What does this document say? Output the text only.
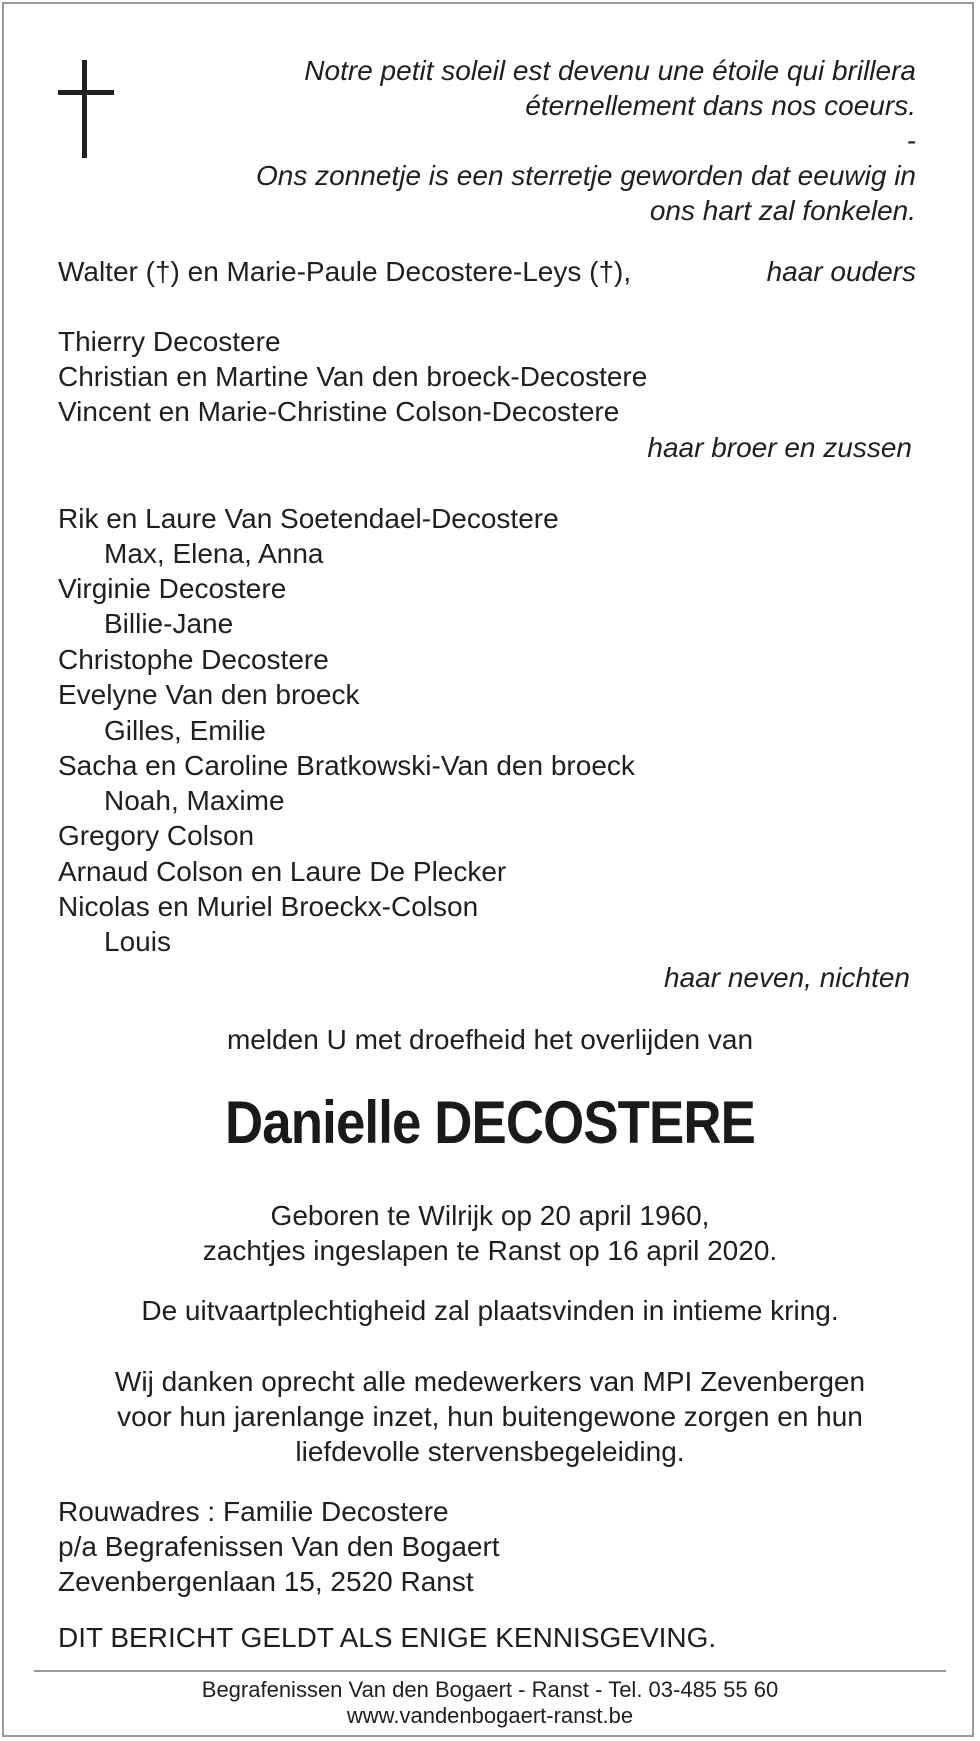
Notre petit soleil est devenu une étoile qui brillera
éternellement dans nos coeurs.
-
Ons zonnetje is een sterretje geworden dat eeuwig in
ons hart zal fonkelen.
Walter (†) en Marie-Paule Decostere-Leys (†),	haar ouders
Thierry Decostere
Christian en Martine Van den broeck-Decostere
Vincent en Marie-Christine Colson-Decostere
haar broer en zussen
Rik en Laure Van Soetendael-Decostere
Max, Elena, Anna
Virginie Decostere
Billie-Jane
Christophe Decostere
Evelyne Van den broeck
Gilles, Emilie
Sacha en Caroline Bratkowski-Van den broeck
Noah, Maxime
Gregory Colson
Arnaud Colson en Laure De Plecker
Nicolas en Muriel Broeckx-Colson
Louis
haar neven, nichten
melden U met droefheid het overlijden van
Danielle DECOSTERE
Geboren te Wilrijk op 20 april 1960,
zachtjes ingeslapen te Ranst op 16 april 2020.
De uitvaartplechtigheid zal plaatsvinden in intieme kring.
Wij danken oprecht alle medewerkers van MPI Zevenbergen
voor hun jarenlange inzet, hun buitengewone zorgen en hun
liefdevolle stervensbegeleiding.
Rouwadres : Familie Decostere
p/a Begrafenissen Van den Bogaert
Zevenbergenlaan 15, 2520 Ranst
DIT BERICHT GELDT ALS ENIGE KENNISGEVING.
Begrafenissen Van den Bogaert - Ranst - Tel. 03-485 55 60
www.vandenbogaert-ranst.be
